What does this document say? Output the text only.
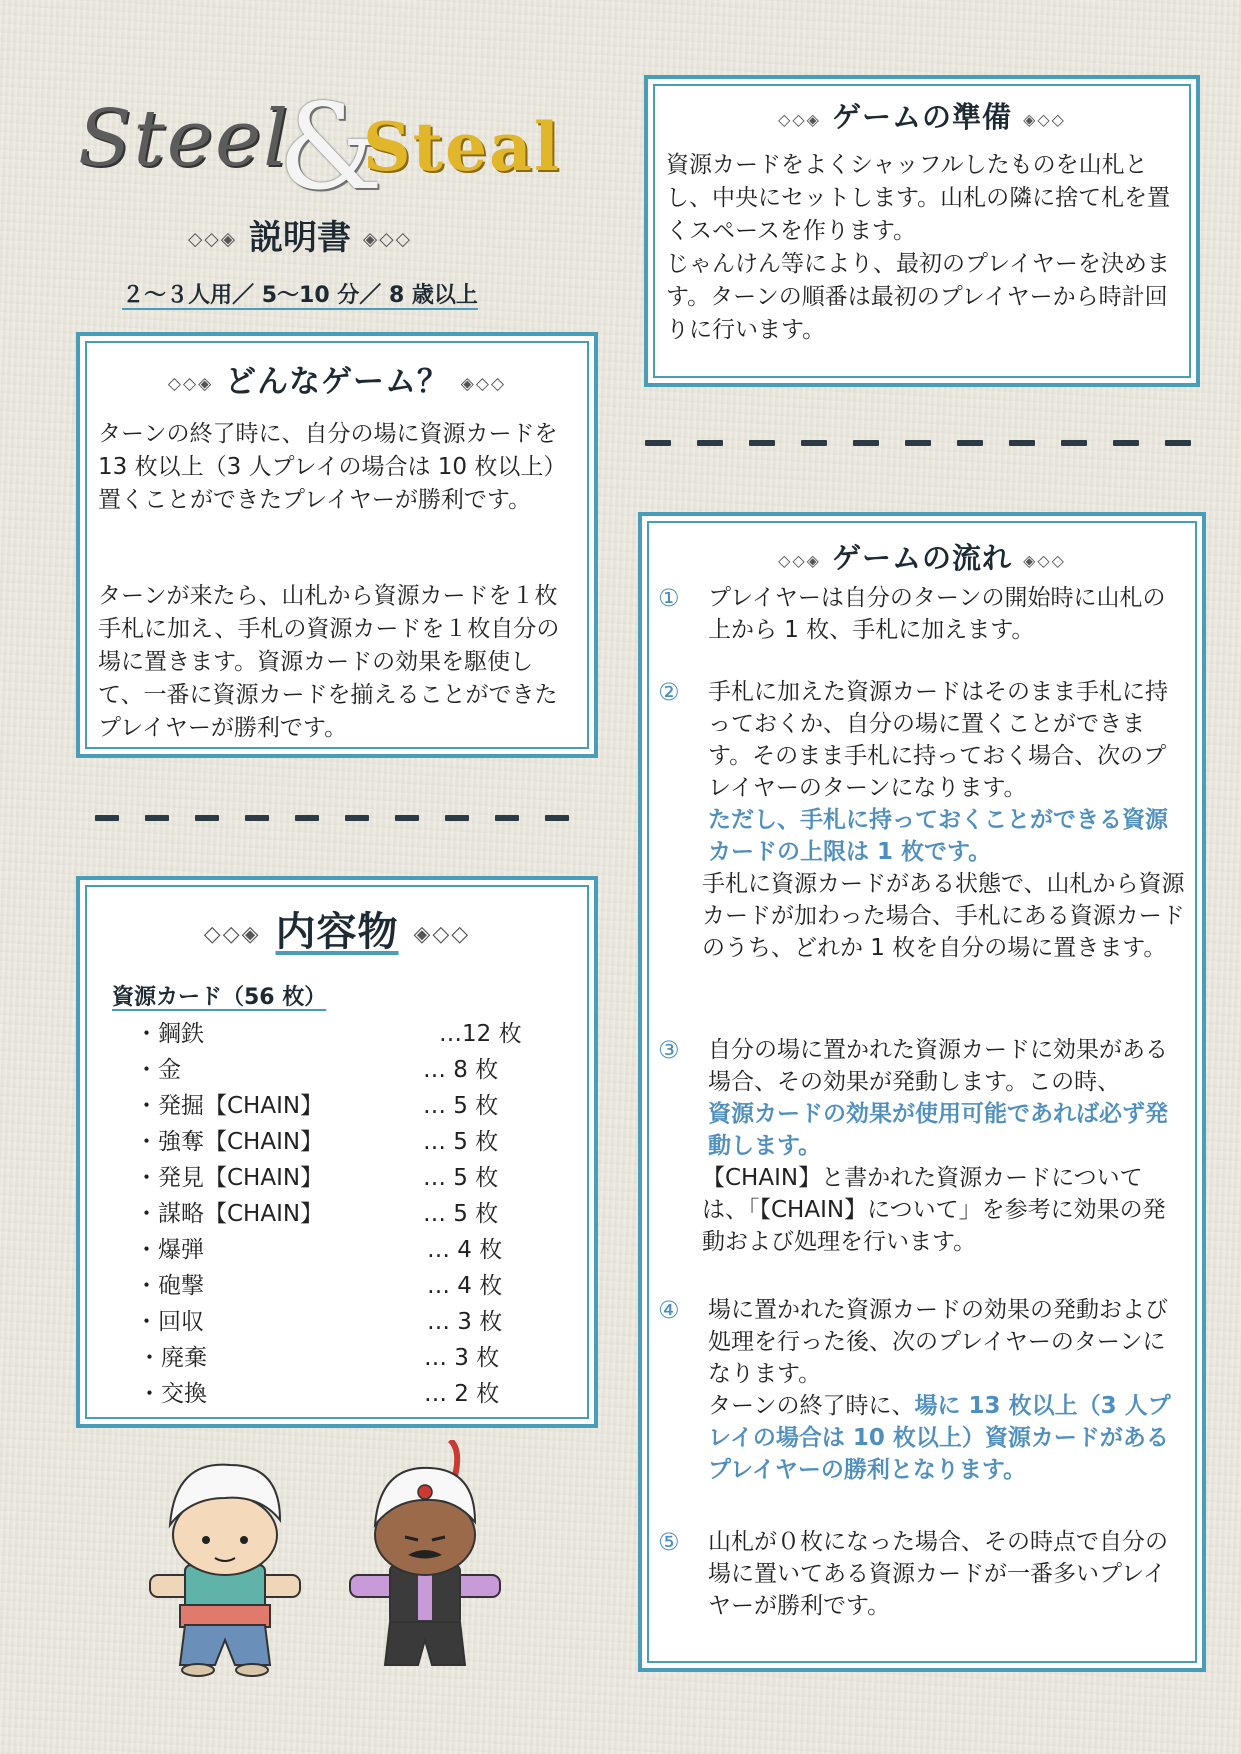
Steel
&
Steal
◇◇◈ 説明書 ◈◇◇
２～３人用／ 5～10 分／ 8 歳以上
◇◇◈ どんなゲーム？ ◈◇◇
ターンの終了時に、自分の場に資源カードを 13 枚以上（3 人プレイの場合は 10 枚以上）置くことができたプレイヤーが勝利です。
ターンが来たら、山札から資源カードを１枚手札に加え、手札の資源カードを１枚自分の場に置きます。資源カードの効果を駆使して、一番に資源カードを揃えることができたプレイヤーが勝利です。
◇◇◈ 内容物 ◈◇◇
資源カード（56 枚）
・鋼鉄	…12 枚
・金	… 8 枚
・発掘【CHAIN】	… 5 枚
・強奪【CHAIN】	… 5 枚
・発見【CHAIN】	… 5 枚
・謀略【CHAIN】	… 5 枚
・爆弾	… 4 枚
・砲撃	… 4 枚
・回収	… 3 枚
・廃棄	… 3 枚
・交換	… 2 枚
◇◇◈ ゲームの準備 ◈◇◇
資源カードをよくシャッフルしたものを山札とし、中央にセットします。山札の隣に捨て札を置くスペースを作ります。
じゃんけん等により、最初のプレイヤーを決めます。ターンの順番は最初のプレイヤーから時計回りに行います。
◇◇◈ ゲームの流れ ◈◇◇
①	プレイヤーは自分のターンの開始時に山札の上から 1 枚、手札に加えます。
②	手札に加えた資源カードはそのまま手札に持っておくか、自分の場に置くことができます。そのまま手札に持っておく場合、次のプレイヤーのターンになります。
ただし、手札に持っておくことができる資源カードの上限は 1 枚です。
手札に資源カードがある状態で、山札から資源カードが加わった場合、手札にある資源カードのうち、どれか 1 枚を自分の場に置きます。
③	自分の場に置かれた資源カードに効果がある場合、その効果が発動します。この時、
資源カードの効果が使用可能であれば必ず発動します。
【CHAIN】と書かれた資源カードについては、「【CHAIN】について」を参考に効果の発動および処理を行います。
④	場に置かれた資源カードの効果の発動および処理を行った後、次のプレイヤーのターンになります。
ターンの終了時に、場に 13 枚以上（3 人プレイの場合は 10 枚以上）資源カードがあるプレイヤーの勝利となります。
⑤	山札が０枚になった場合、その時点で自分の場に置いてある資源カードが一番多いプレイヤーが勝利です。
